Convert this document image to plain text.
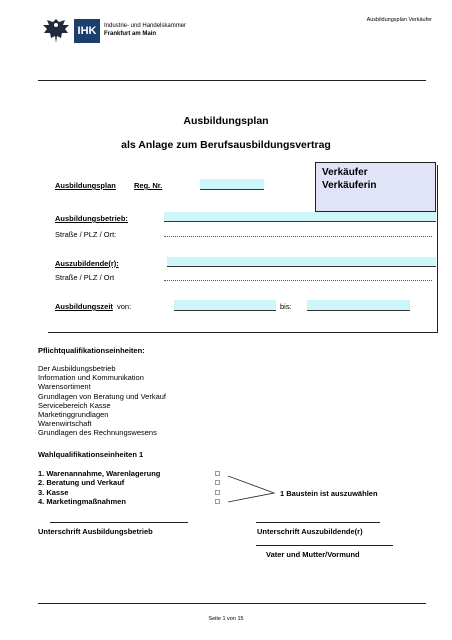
IHK	Industrie- und Handelskammer
Frankfurt am Main
Ausbildungsplan Verkäufer
Ausbildungsplan
als Anlage zum Berufsausbildungsvertrag
Verkäufer
Verkäuferin
Ausbildungsplan Reg. Nr.
Ausbildungsbetrieb:
Straße / PLZ / Ort:
Auszubildende(r):
Straße / PLZ / Ort
Ausbildungszeit von:	bis:
Pflichtqualifikationseinheiten:
Der Ausbildungsbetrieb
Information und Kommunikation
Warensortiment
Grundlagen von Beratung und Verkauf
Servicebereich Kasse
Marketinggrundlagen
Warenwirtschaft
Grundlagen des Rechnungswesens
Wahlqualifikationseinheiten 1
1. Warenannahme, Warenlagerung
2. Beratung und Verkauf
3. Kasse
4. Marketingmaßnahmen
1 Baustein ist auszuwählen
Unterschrift Ausbildungsbetrieb	Unterschrift Auszubildende(r)
Vater und Mutter/Vormund
Seite 1 von 15
